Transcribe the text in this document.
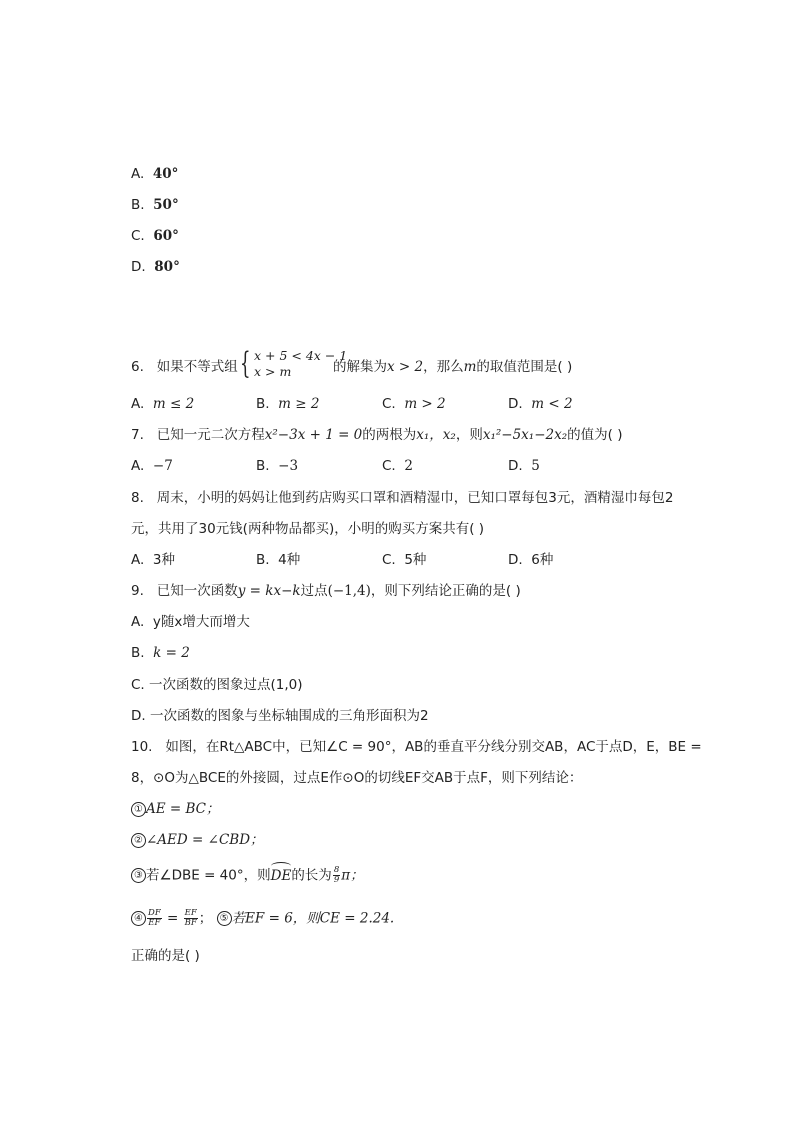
A. 40°
B. 50°
C. 60°
D. 80°
6. 如果不等式组 { x + 5 < 4x − 1
x > m	的解集为x > 2，那么m的取值范围是( )
A. m ≤ 2	B. m ≥ 2	C. m > 2	D. m < 2
7. 已知一元二次方程x²−3x + 1 = 0的两根为x₁，x₂，则x₁²−5x₁−2x₂的值为( )
A. −7	B. −3	C. 2	D. 5
8. 周末，小明的妈妈让他到药店购买口罩和酒精湿巾，已知口罩每包3元，酒精湿巾每包2
元，共用了30元钱(两种物品都买)，小明的购买方案共有( )
A. 3种	B. 4种	C. 5种	D. 6种
9. 已知一次函数y = kx−k过点(−1,4)，则下列结论正确的是( )
A. y随x增大而增大
B. k = 2
C. 一次函数的图象过点(1,0)
D. 一次函数的图象与坐标轴围成的三角形面积为2
10. 如图，在Rt△ABC中，已知∠C = 90°，AB的垂直平分线分别交AB，AC于点D，E，BE =
8，⊙O为△BCE的外接圆，过点E作⊙O的切线EF交AB于点F，则下列结论：
① AE = BC；
② ∠AED = ∠CBD；
③ 若∠DBE = 40°，则DE的长为 $\frac{8}{9}$ π；
④ $\frac{DF}{EF} = \frac{EF}{BF}$ ； ⑤ 若EF = 6，则CE = 2.24.
正确的是( )
